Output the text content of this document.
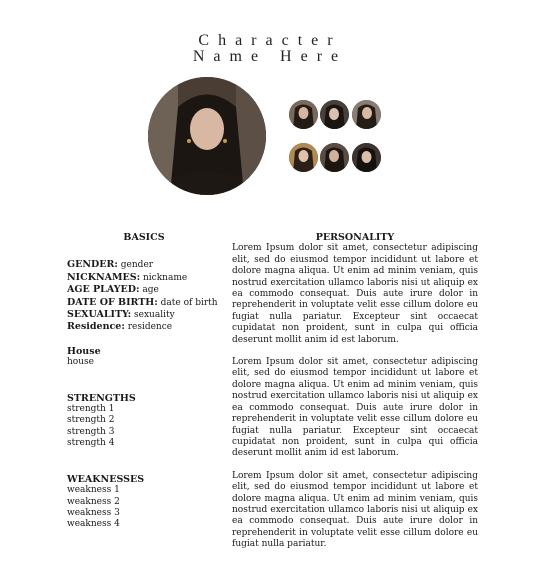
Character
Name Here
BASICS
GENDER: gender
NICKNAMES: nickname
AGE PLAYED: age
DATE OF BIRTH: date of birth
SEXUALITY: sexuality
Residence: residence
House
house
STRENGTHS
strength 1
strength 2
strength 3
strength 4
WEAKNESSES
weakness 1
weakness 2
weakness 3
weakness 4
PERSONALITY

Lorem Ipsum dolor sit amet, consectetur adipiscing elit, sed do eiusmod tempor incididunt ut labore et dolore magna aliqua. Ut enim ad minim veniam, quis nostrud exercitation ullamco laboris nisi ut aliquip ex ea commodo consequat. Duis aute irure dolor in reprehenderit in voluptate velit esse cillum dolore eu fugiat nulla pariatur. Excepteur sint occaecat cupidatat non proident, sunt in culpa qui officia deserunt mollit anim id est laborum.

Lorem Ipsum dolor sit amet, consectetur adipiscing elit, sed do eiusmod tempor incididunt ut labore et dolore magna aliqua. Ut enim ad minim veniam, quis nostrud exercitation ullamco laboris nisi ut aliquip ex ea commodo consequat. Duis aute irure dolor in reprehenderit in voluptate velit esse cillum dolore eu fugiat nulla pariatur. Excepteur sint occaecat cupidatat non proident, sunt in culpa qui officia deserunt mollit anim id est laborum.

Lorem Ipsum dolor sit amet, consectetur adipiscing elit, sed do eiusmod tempor incididunt ut labore et dolore magna aliqua. Ut enim ad minim veniam, quis nostrud exercitation ullamco laboris nisi ut aliquip ex ea commodo consequat. Duis aute irure dolor in reprehenderit in voluptate velit esse cillum dolore eu fugiat nulla pariatur.
